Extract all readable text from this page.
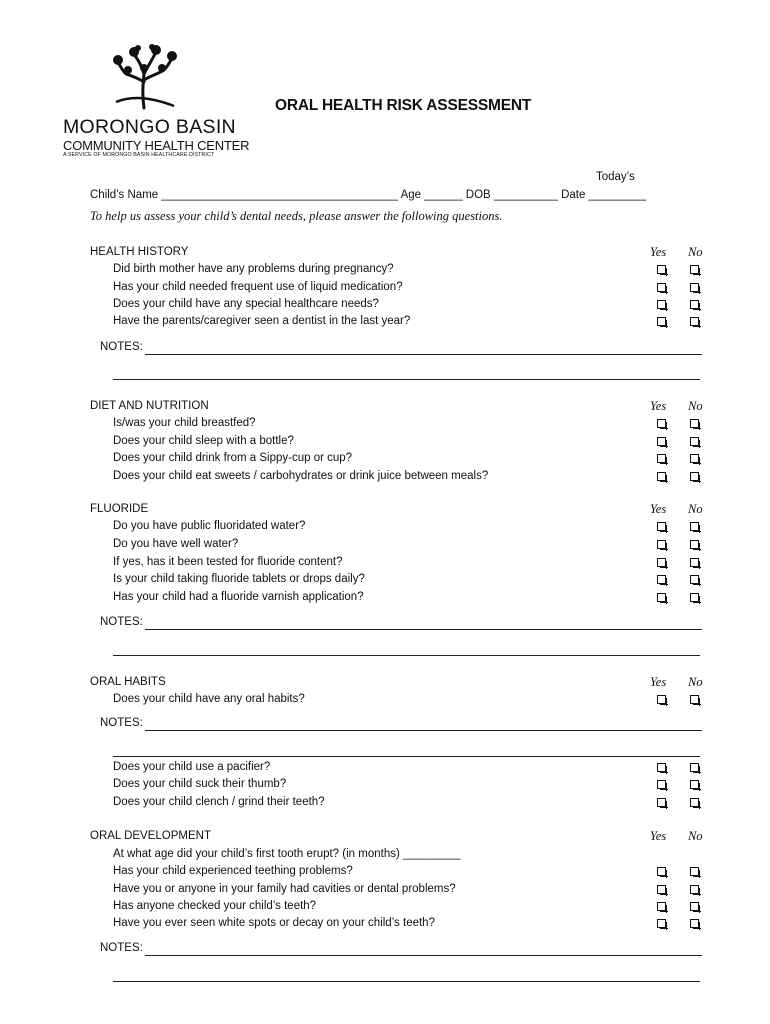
MORONGO BASIN
COMMUNITY HEALTH CENTER
A SERVICE OF MORONGO BASIN HEALTHCARE DISTRICT
ORAL HEALTH RISK ASSESSMENT
Today’s
Child’s Name _____________________________________ Age ______ DOB __________ Date _________
To help us assess your child’s dental needs, please answer the following questions.
HEALTH HISTORY	Yes No
Did birth mother have any problems during pregnancy?
Has your child needed frequent use of liquid medication?
Does your child have any special healthcare needs?
Have the parents/caregiver seen a dentist in the last year?
NOTES:
DIET AND NUTRITION	Yes No
Is/was your child breastfed?
Does your child sleep with a bottle?
Does your child drink from a Sippy-cup or cup?
Does your child eat sweets / carbohydrates or drink juice between meals?
FLUORIDE	Yes No
Do you have public fluoridated water?
Do you have well water?
If yes, has it been tested for fluoride content?
Is your child taking fluoride tablets or drops daily?
Has your child had a fluoride varnish application?
NOTES:
ORAL HABITS	Yes No
Does your child have any oral habits?
NOTES:
Does your child use a pacifier?
Does your child suck their thumb?
Does your child clench / grind their teeth?
ORAL DEVELOPMENT	Yes No
At what age did your child’s first tooth erupt? (in months) _________
Has your child experienced teething problems?
Have you or anyone in your family had cavities or dental problems?
Has anyone checked your child’s teeth?
Have you ever seen white spots or decay on your child’s teeth?
NOTES:
